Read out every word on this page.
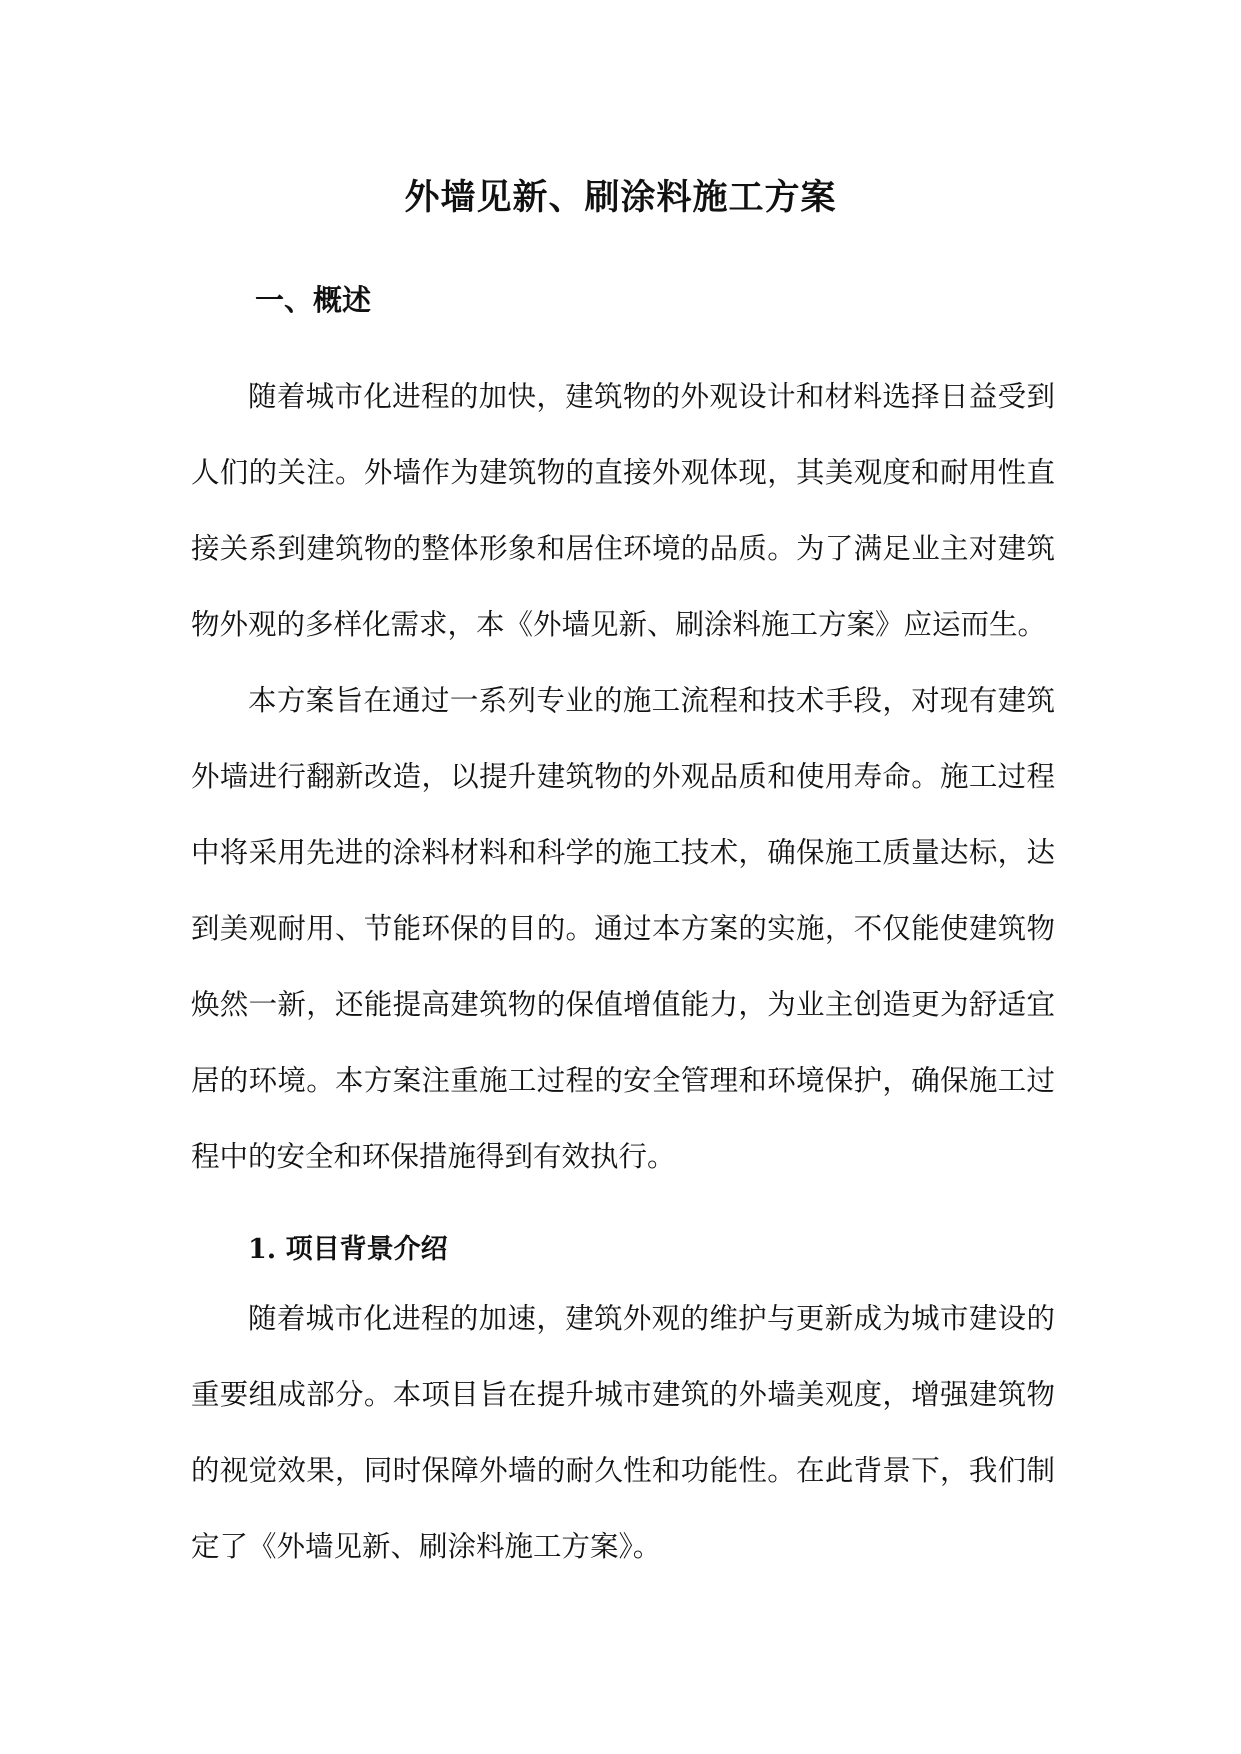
外墙见新、刷涂料施工方案
一、概述

随着城市化进程的加快，建筑物的外观设计和材料选择日益受到人们的关注。外墙作为建筑物的直接外观体现，其美观度和耐用性直接关系到建筑物的整体形象和居住环境的品质。为了满足业主对建筑物外观的多样化需求，本《外墙见新、刷涂料施工方案》应运而生。

本方案旨在通过一系列专业的施工流程和技术手段，对现有建筑外墙进行翻新改造，以提升建筑物的外观品质和使用寿命。施工过程中将采用先进的涂料材料和科学的施工技术，确保施工质量达标，达到美观耐用、节能环保的目的。通过本方案的实施，不仅能使建筑物焕然一新，还能提高建筑物的保值增值能力，为业主创造更为舒适宜居的环境。本方案注重施工过程的安全管理和环境保护，确保施工过程中的安全和环保措施得到有效执行。

1. 项目背景介绍

随着城市化进程的加速，建筑外观的维护与更新成为城市建设的重要组成部分。本项目旨在提升城市建筑的外墙美观度，增强建筑物的视觉效果，同时保障外墙的耐久性和功能性。在此背景下，我们制定了《外墙见新、刷涂料施工方案》。
